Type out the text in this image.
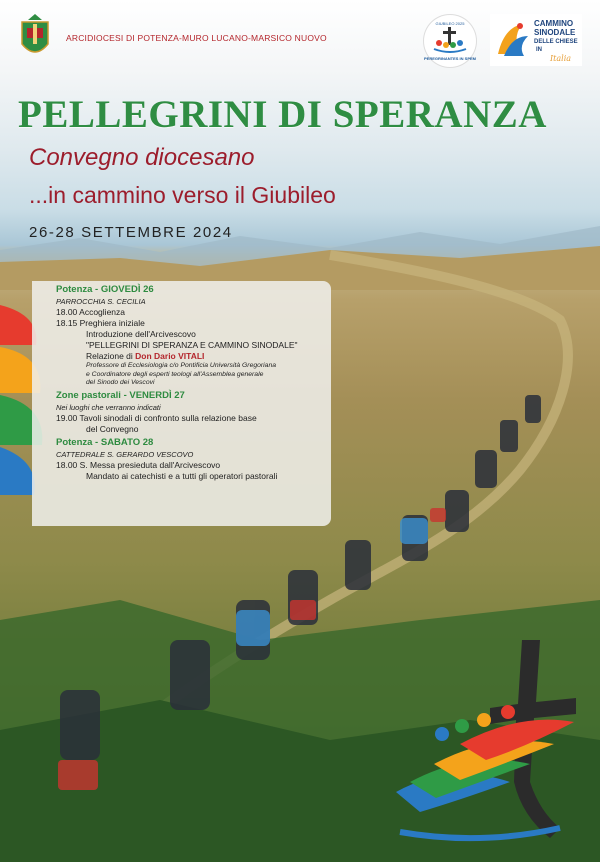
ARCIDIOCESI DI POTENZA-MURO LUCANO-MARSICO NUOVO
GIUBILEO 2025
PEREGRINANTES IN SPEM
CAMMINO
SINODALE
DELLE CHIESE
IN
Italia
PELLEGRINI DI SPERANZA
Convegno diocesano
...in cammino verso il Giubileo
26-28 SETTEMBRE 2024
Potenza - GIOVEDÌ 26
PARROCCHIA S. CECILIA
18.00 Accoglienza
18.15 Preghiera iniziale
Introduzione dell'Arcivescovo
"PELLEGRINI DI SPERANZA E CAMMINO SINODALE"
Relazione di Don Dario VITALI
Professore di Ecclesiologia c/o Pontificia Università Gregoriana
e Coordinatore degli esperti teologi all'Assemblea generale
del Sinodo dei Vescovi
Zone pastorali - VENERDÌ 27
Nei luoghi che verranno indicati
19.00 Tavoli sinodali di confronto sulla relazione base
del Convegno
Potenza - SABATO 28
CATTEDRALE S. GERARDO VESCOVO
18.00 S. Messa presieduta dall'Arcivescovo
Mandato ai catechisti e a tutti gli operatori pastorali
